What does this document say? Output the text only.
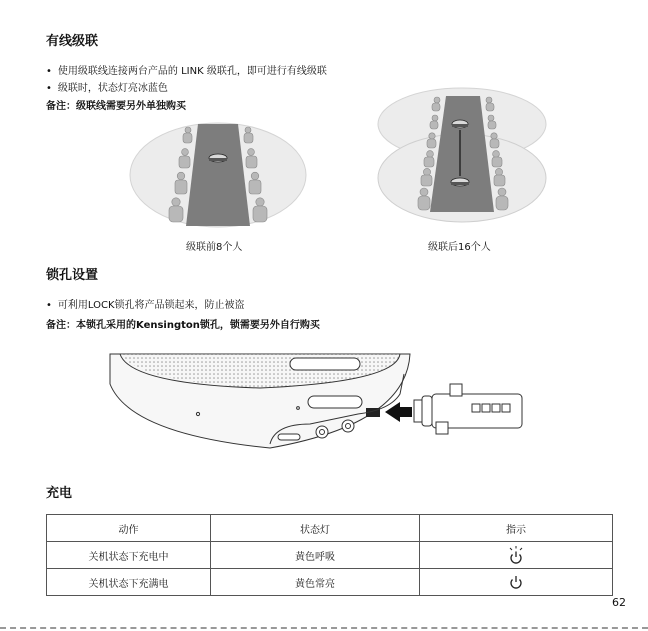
有线级联
• 使用级联线连接两台产品的 LINK 级联孔，即可进行有线级联
• 级联时，状态灯亮冰蓝色
备注：级联线需要另外单独购买
级联前8个人	级联后16个人
锁孔设置
• 可利用LOCK锁孔将产品锁起来，防止被盗
备注：本锁孔采用的Kensington锁孔，锁需要另外自行购买
充电
动作	状态灯	指示
关机状态下充电中	黄色呼吸	
关机状态下充满电	黄色常亮	
62
